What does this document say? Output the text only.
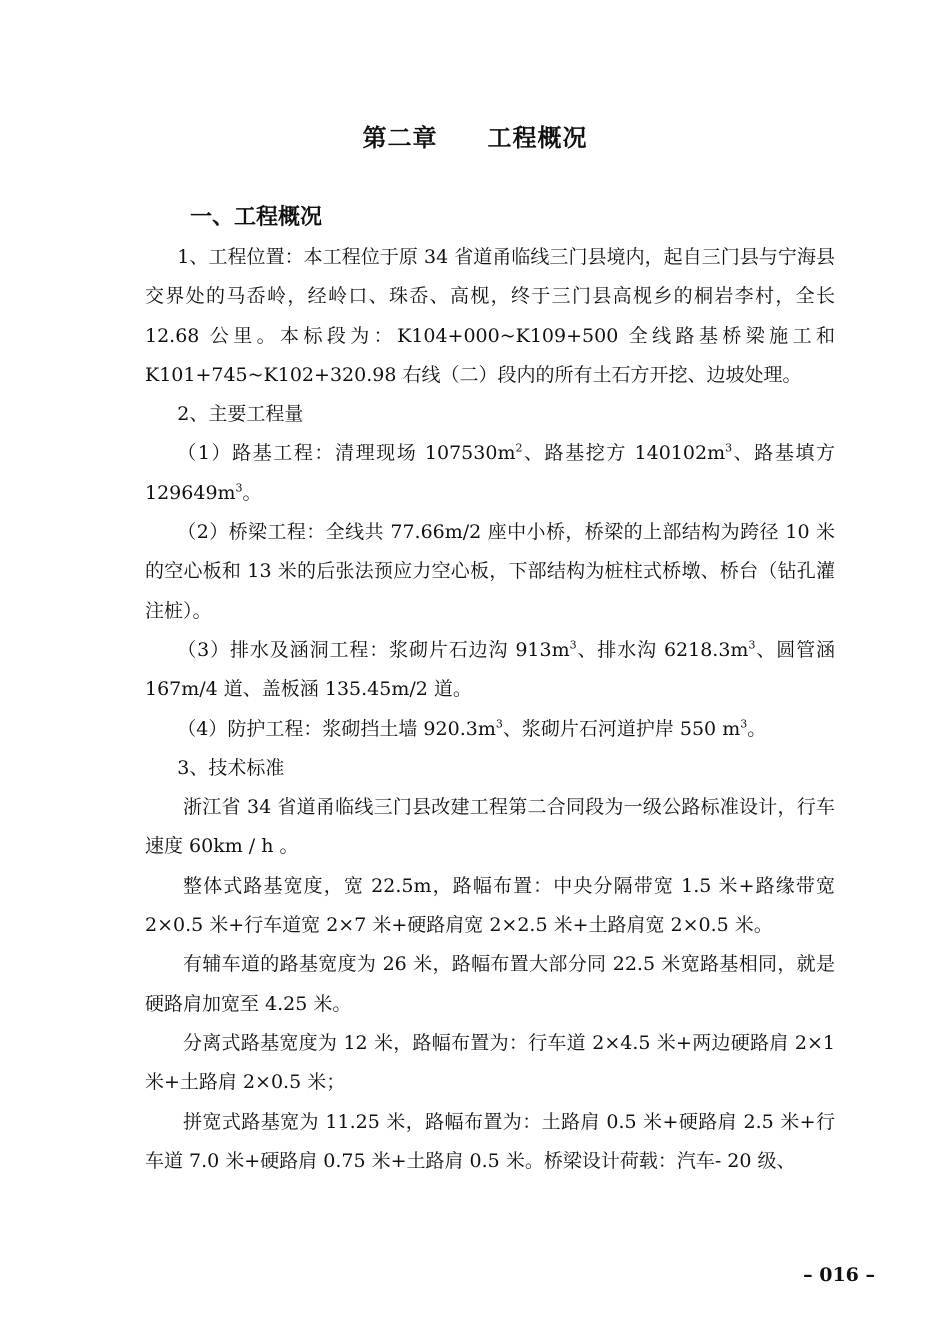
第二章　　工程概况
一、工程概况

1、工程位置：本工程位于原 34 省道甬临线三门县境内，起自三门县与宁海县交界处的马岙岭，经岭口、珠岙、高枧，终于三门县高枧乡的桐岩李村，全长 12.68 公里。本标段为：K104+000~K109+500 全线路基桥梁施工和 K101+745~K102+320.98 右线（二）段内的所有土石方开挖、边坡处理。

2、主要工程量

（1）路基工程：清理现场 $107530m^2$、路基挖方 $140102m^3$、路基填方 $129649m^3$。

（2）桥梁工程：全线共 77.66m/2 座中小桥，桥梁的上部结构为跨径 10 米的空心板和 13 米的后张法预应力空心板，下部结构为桩柱式桥墩、桥台（钻孔灌注桩）。

（3）排水及涵洞工程：浆砌片石边沟 $913m^3$、排水沟 $6218.3m^3$、圆管涵 167m/4 道、盖板涵 135.45m/2 道。

（4）防护工程：浆砌挡土墙 $920.3m^3$、浆砌片石河道护岸 550 $m^3$。

3、技术标准

浙江省 34 省道甬临线三门县改建工程第二合同段为一级公路标准设计，行车速度 60km / h 。

整体式路基宽度，宽 22.5m，路幅布置：中央分隔带宽 1.5 米+路缘带宽 2×0.5 米+行车道宽 2×7 米+硬路肩宽 2×2.5 米+土路肩宽 2×0.5 米。

有辅车道的路基宽度为 26 米，路幅布置大部分同 22.5 米宽路基相同，就是硬路肩加宽至 4.25 米。

分离式路基宽度为 12 米，路幅布置为：行车道 2×4.5 米+两边硬路肩 2×1 米+土路肩 2×0.5 米；

拼宽式路基宽为 11.25 米，路幅布置为：土路肩 0.5 米+硬路肩 2.5 米+行车道 7.0 米+硬路肩 0.75 米+土路肩 0.5 米。桥梁设计荷载：汽车- 20 级、

– 016 –
